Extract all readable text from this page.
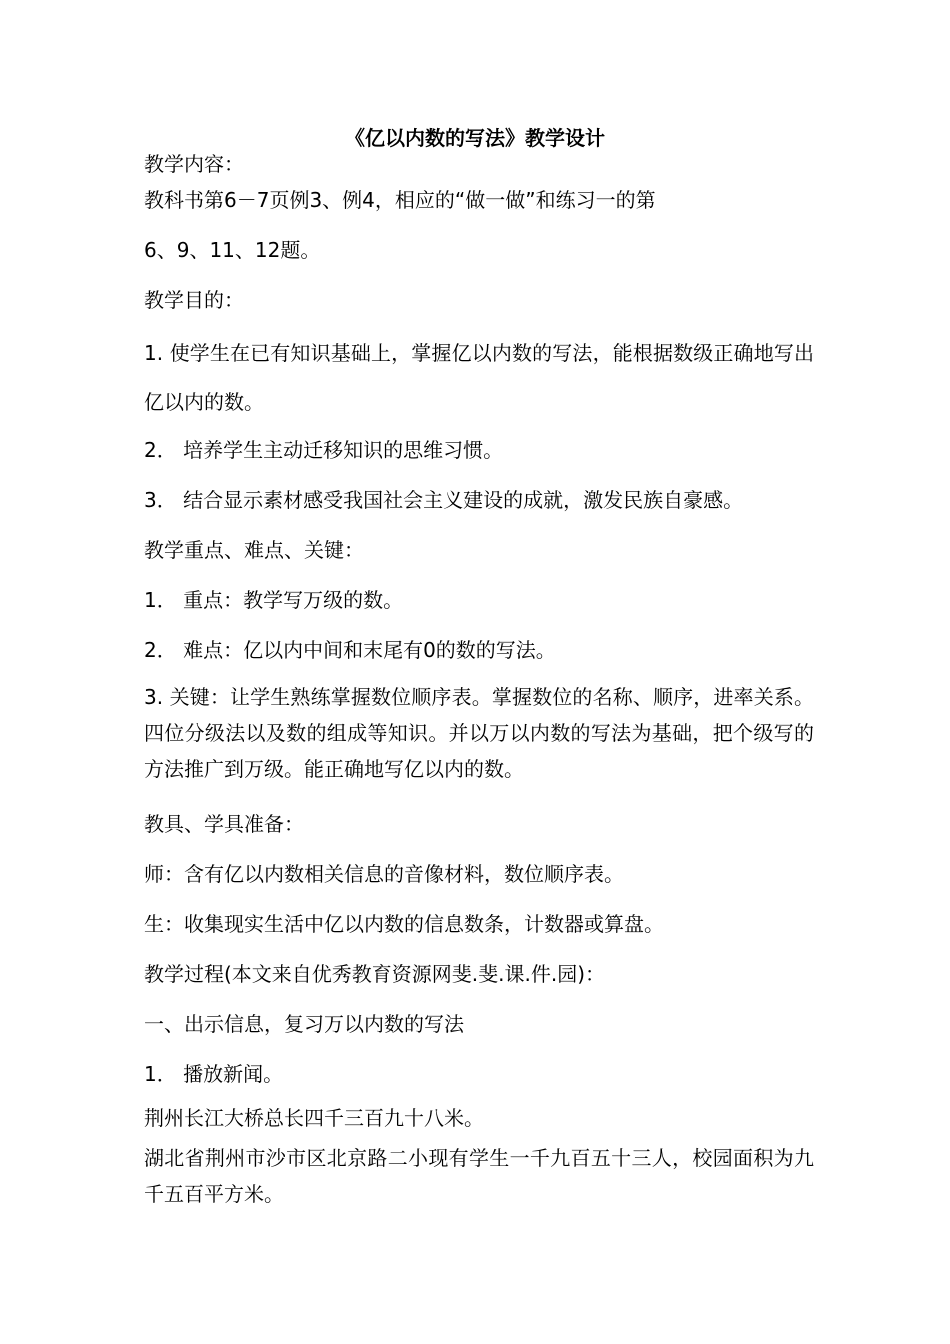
《亿以内数的写法》教学设计
教学内容：
教科书第6－7页例3、例4，相应的“做一做”和练习一的第
6、9、11、12题。
教学目的：
1. 使学生在已有知识基础上，掌握亿以内数的写法，能根据数级正确地写出亿以内的数。
2． 培养学生主动迁移知识的思维习惯。
3． 结合显示素材感受我国社会主义建设的成就，激发民族自豪感。
教学重点、难点、关键：
1． 重点：教学写万级的数。
2． 难点：亿以内中间和末尾有0的数的写法。
3. 关键：让学生熟练掌握数位顺序表。掌握数位的名称、顺序，进率关系。四位分级法以及数的组成等知识。并以万以内数的写法为基础，把个级写的方法推广到万级。能正确地写亿以内的数。
教具、学具准备：
师：含有亿以内数相关信息的音像材料，数位顺序表。
生：收集现实生活中亿以内数的信息数条，计数器或算盘。
教学过程(本文来自优秀教育资源网斐.斐.课.件.园)：
一、出示信息，复习万以内数的写法
1． 播放新闻。
荆州长江大桥总长四千三百九十八米。
湖北省荆州市沙市区北京路二小现有学生一千九百五十三人，校园面积为九千五百平方米。
